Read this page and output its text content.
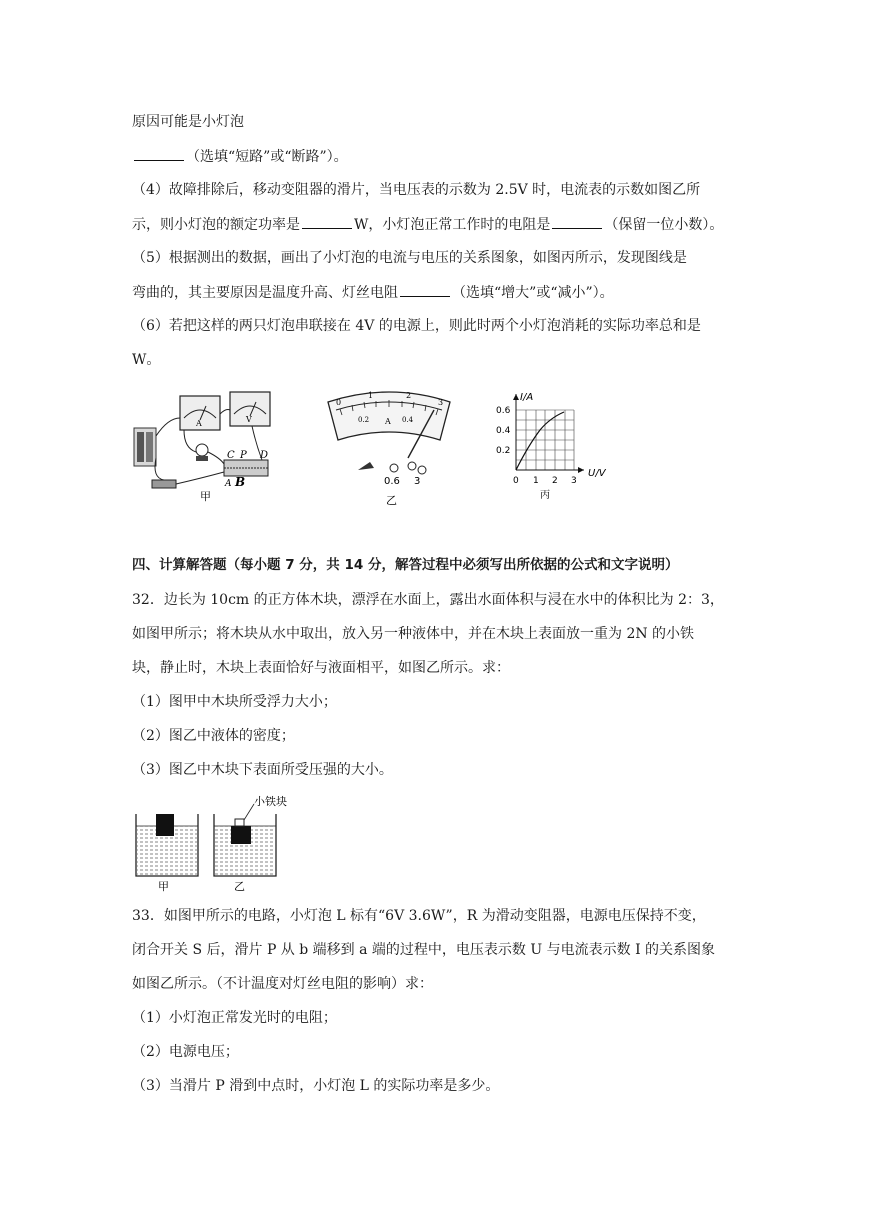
原因可能是小灯泡
（选填“短路”或“断路”）。
（4）故障排除后，移动变阻器的滑片，当电压表的示数为 2.5V 时，电流表的示数如图乙所
示，则小灯泡的额定功率是	W，小灯泡正常工作时的电阻是	（保留一位小数）。
（5）根据测出的数据，画出了小灯泡的电流与电压的关系图象，如图丙所示，发现图线是
弯曲的，其主要原因是温度升高、灯丝电阻	（选填“增大”或“减小”）。
（6）若把这样的两只灯泡串联接在 4V 的电源上，则此时两个小灯泡消耗的实际功率总和是
W。
A	V
C P D
A B
甲
0
1	2
3
0.2 A 0.4
0.6 3
乙
I/A
U/V
0.6
0.4
0.2
0 1 2 3
丙
四、计算解答题（每小题 7 分，共 14 分，解答过程中必须写出所依据的公式和文字说明）
32．边长为 10cm 的正方体木块，漂浮在水面上，露出水面体积与浸在水中的体积比为 2：3，
如图甲所示；将木块从水中取出，放入另一种液体中，并在木块上表面放一重为 2N 的小铁
块，静止时，木块上表面恰好与液面相平，如图乙所示。求：
（1）图甲中木块所受浮力大小；
（2）图乙中液体的密度；
（3）图乙中木块下表面所受压强的大小。
甲
小铁块
乙
33．如图甲所示的电路，小灯泡 L 标有“6V 3.6W”，R 为滑动变阻器，电源电压保持不变，
闭合开关 S 后，滑片 P 从 b 端移到 a 端的过程中，电压表示数 U 与电流表示数 I 的关系图象
如图乙所示。（不计温度对灯丝电阻的影响）求：
（1）小灯泡正常发光时的电阻；
（2）电源电压；
（3）当滑片 P 滑到中点时，小灯泡 L 的实际功率是多少。
